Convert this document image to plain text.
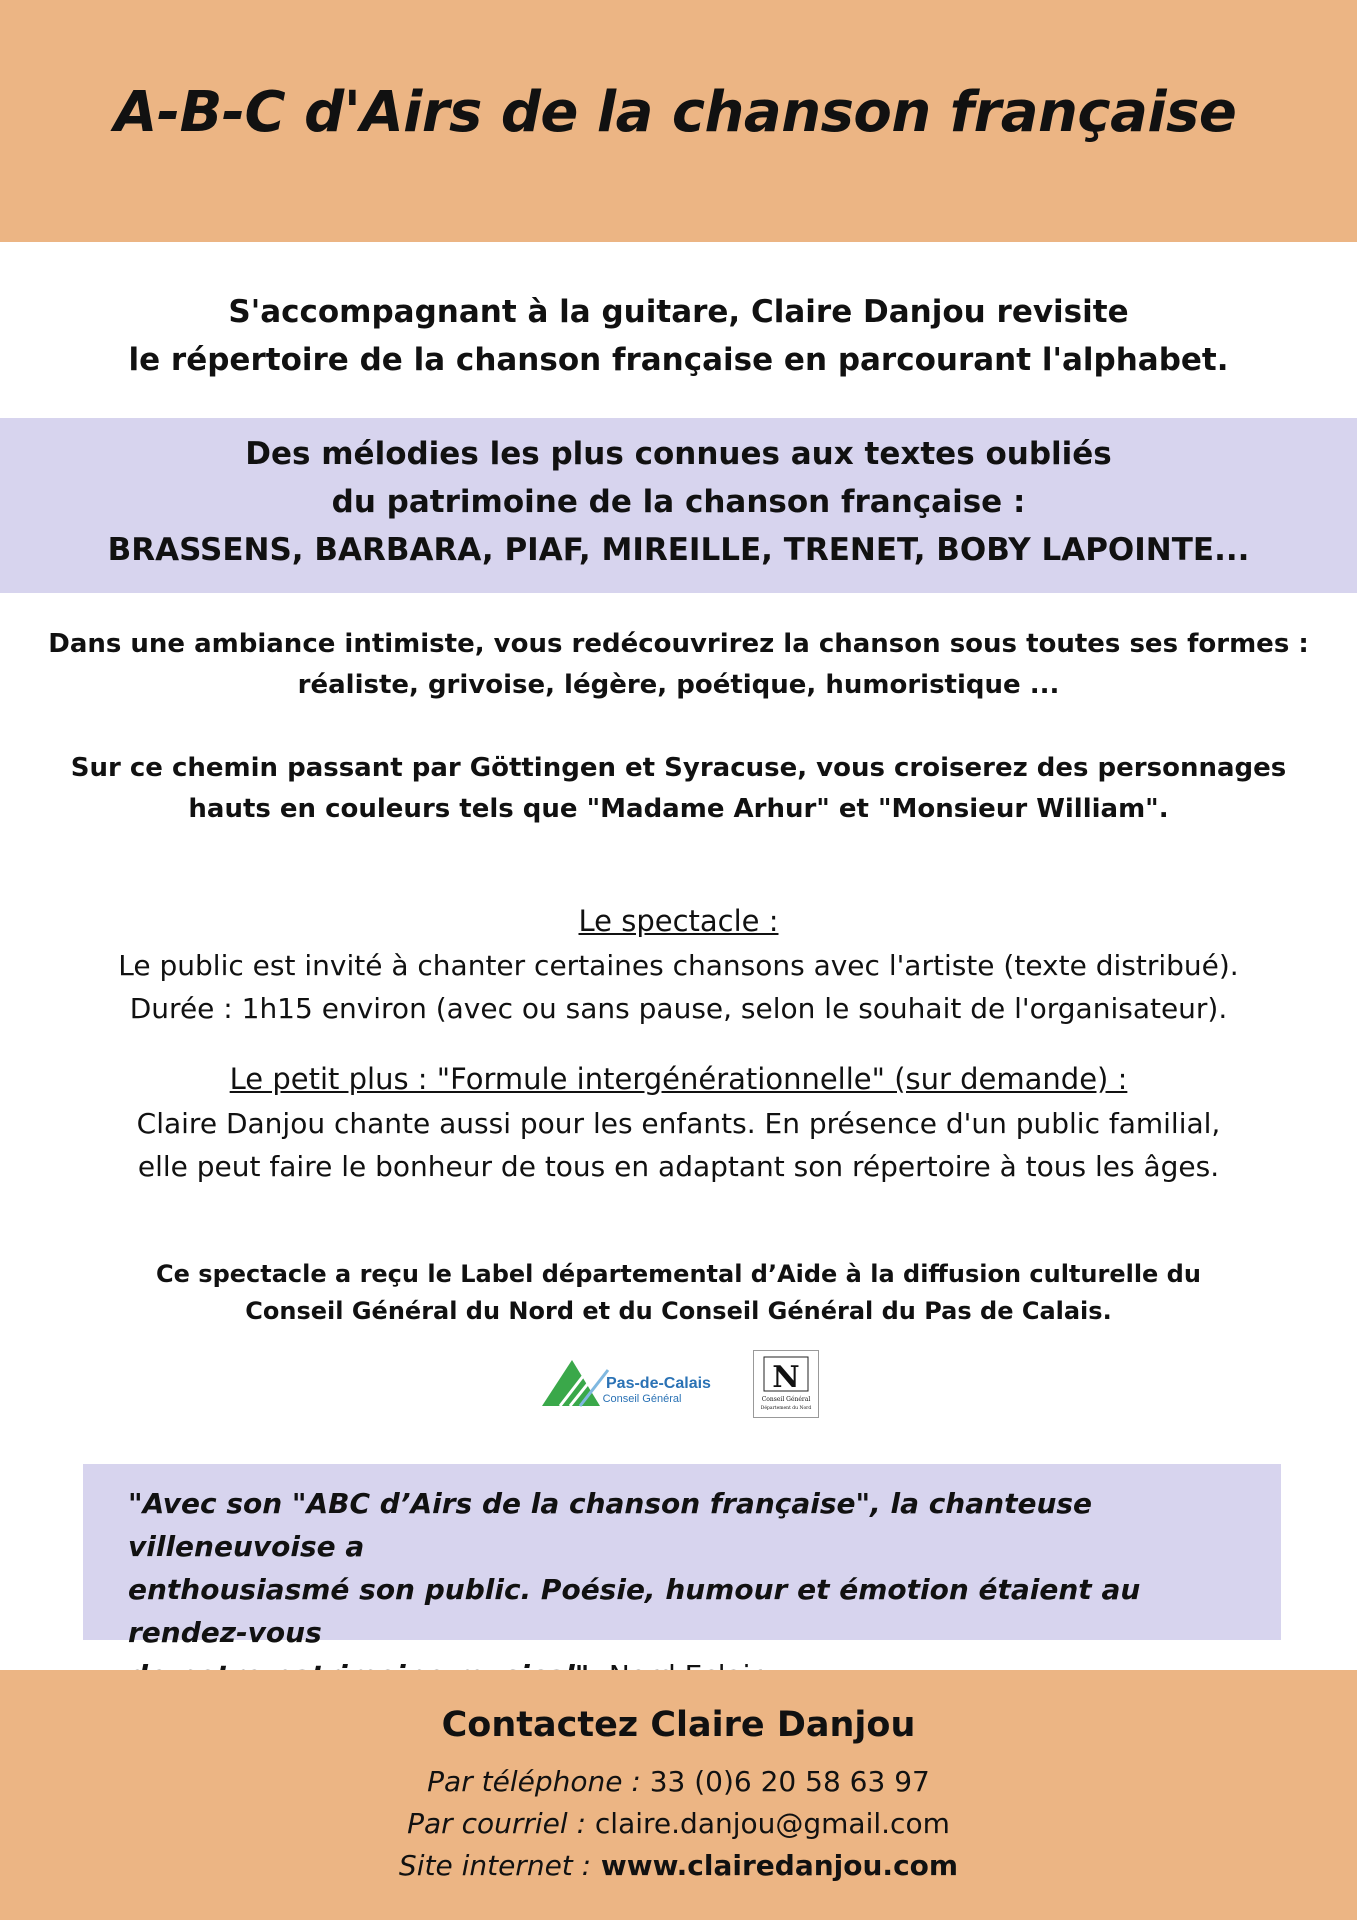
A-B-C d'Airs de la chanson française
S'accompagnant à la guitare, Claire Danjou revisite
le répertoire de la chanson française en parcourant l'alphabet.
Des mélodies les plus connues aux textes oubliés
du patrimoine de la chanson française :
BRASSENS, BARBARA, PIAF, MIREILLE, TRENET, BOBY LAPOINTE...
Dans une ambiance intimiste, vous redécouvrirez la chanson sous toutes ses formes :
réaliste, grivoise, légère, poétique, humoristique ...
Sur ce chemin passant par Göttingen et Syracuse, vous croiserez des personnages
hauts en couleurs tels que "Madame Arhur" et "Monsieur William".
Le spectacle :
Le public est invité à chanter certaines chansons avec l'artiste (texte distribué).
Durée : 1h15 environ (avec ou sans pause, selon le souhait de l'organisateur).
Le petit plus : "Formule intergénérationnelle" (sur demande) :
Claire Danjou chante aussi pour les enfants. En présence d'un public familial,
elle peut faire le bonheur de tous en adaptant son répertoire à tous les âges.
Ce spectacle a reçu le Label départemental d’Aide à la diffusion culturelle du
Conseil Général du Nord et du Conseil Général du Pas de Calais.
Pas-de-Calais
Conseil Général
N
Conseil Général
Département du Nord
"Avec son "ABC d’Airs de la chanson française", la chanteuse villeneuvoise a
enthousiasmé son public. Poésie, humour et émotion étaient au rendez-vous

Contactez Claire Danjou
Par téléphone : 33 (0)6 20 58 63 97
Par courriel : claire.danjou@gmail.com
Site internet : www.clairedanjou.com
